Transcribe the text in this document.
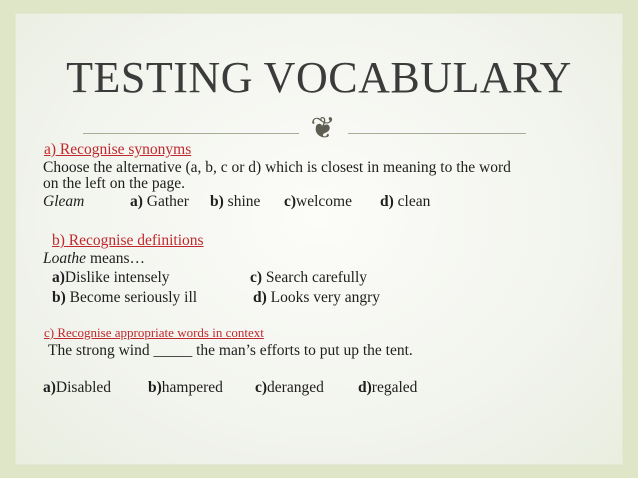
TESTING VOCABULARY
❦
a) Recognise synonyms
Choose the alternative (a, b, c or d) which is closest in meaning to the word
on the left on the page.
Gleam	a) Gather b) shine c)welcome d) clean
b) Recognise definitions
Loathe means…
a)Dislike intensely	c) Search carefully
b) Become seriously ill	d) Looks very angry
c) Recognise appropriate words in context
The strong wind _____ the man’s efforts to put up the tent.
a)Disabled b)hampered c)deranged d)regaled
